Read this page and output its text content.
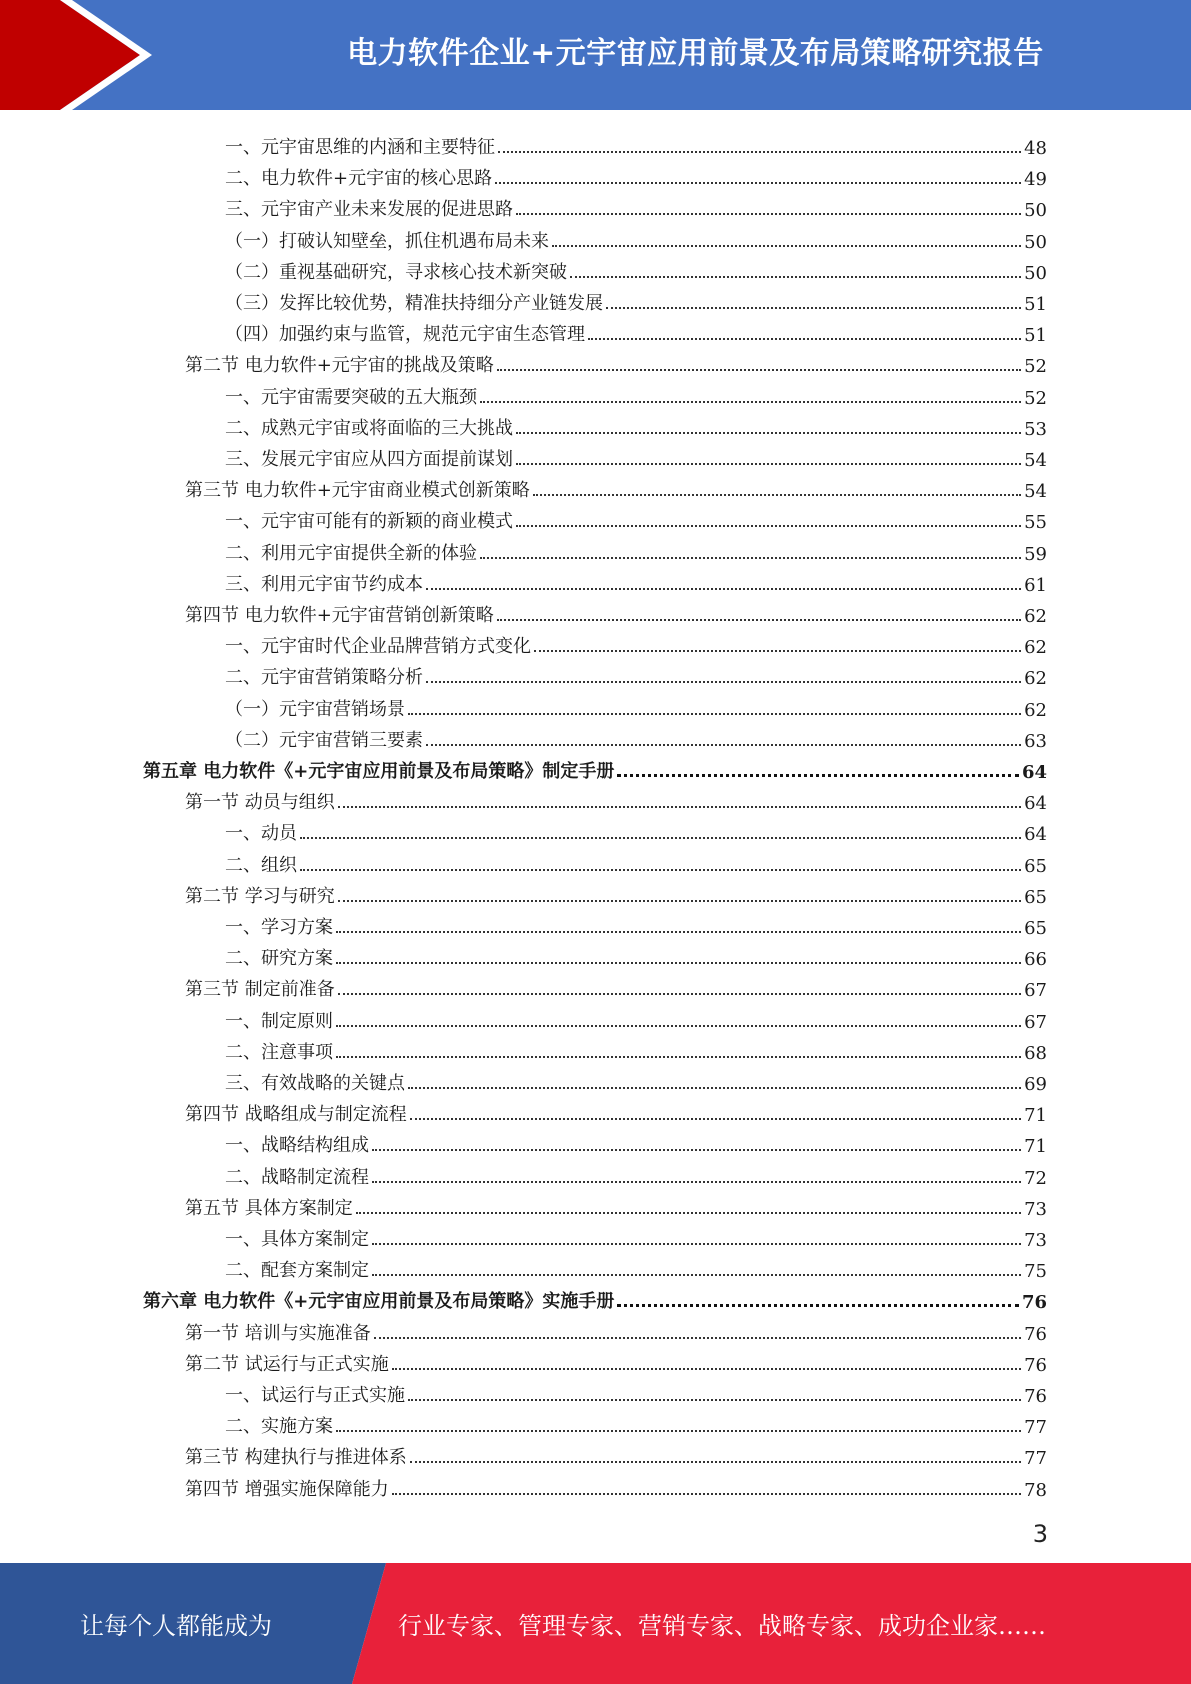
电力软件企业+元宇宙应用前景及布局策略研究报告
一、元宇宙思维的内涵和主要特征	48
二、电力软件+元宇宙的核心思路	49
三、元宇宙产业未来发展的促进思路	50
（一）打破认知壁垒，抓住机遇布局未来	50
（二）重视基础研究，寻求核心技术新突破	50
（三）发挥比较优势，精准扶持细分产业链发展	51
（四）加强约束与监管，规范元宇宙生态管理	51
第二节 电力软件+元宇宙的挑战及策略	52
一、元宇宙需要突破的五大瓶颈	52
二、成熟元宇宙或将面临的三大挑战	53
三、发展元宇宙应从四方面提前谋划	54
第三节 电力软件+元宇宙商业模式创新策略	54
一、元宇宙可能有的新颖的商业模式	55
二、利用元宇宙提供全新的体验	59
三、利用元宇宙节约成本	61
第四节 电力软件+元宇宙营销创新策略	62
一、元宇宙时代企业品牌营销方式变化	62
二、元宇宙营销策略分析	62
（一）元宇宙营销场景	62
（二）元宇宙营销三要素	63
第五章 电力软件《+元宇宙应用前景及布局策略》制定手册	64
第一节 动员与组织	64
一、动员	64
二、组织	65
第二节 学习与研究	65
一、学习方案	65
二、研究方案	66
第三节 制定前准备	67
一、制定原则	67
二、注意事项	68
三、有效战略的关键点	69
第四节 战略组成与制定流程	71
一、战略结构组成	71
二、战略制定流程	72
第五节 具体方案制定	73
一、具体方案制定	73
二、配套方案制定	75
第六章 电力软件《+元宇宙应用前景及布局策略》实施手册	76
第一节 培训与实施准备	76
第二节 试运行与正式实施	76
一、试运行与正式实施	76
二、实施方案	77
第三节 构建执行与推进体系	77
第四节 增强实施保障能力	78
3
让每个人都能成为	行业专家、管理专家、营销专家、战略专家、成功企业家……
